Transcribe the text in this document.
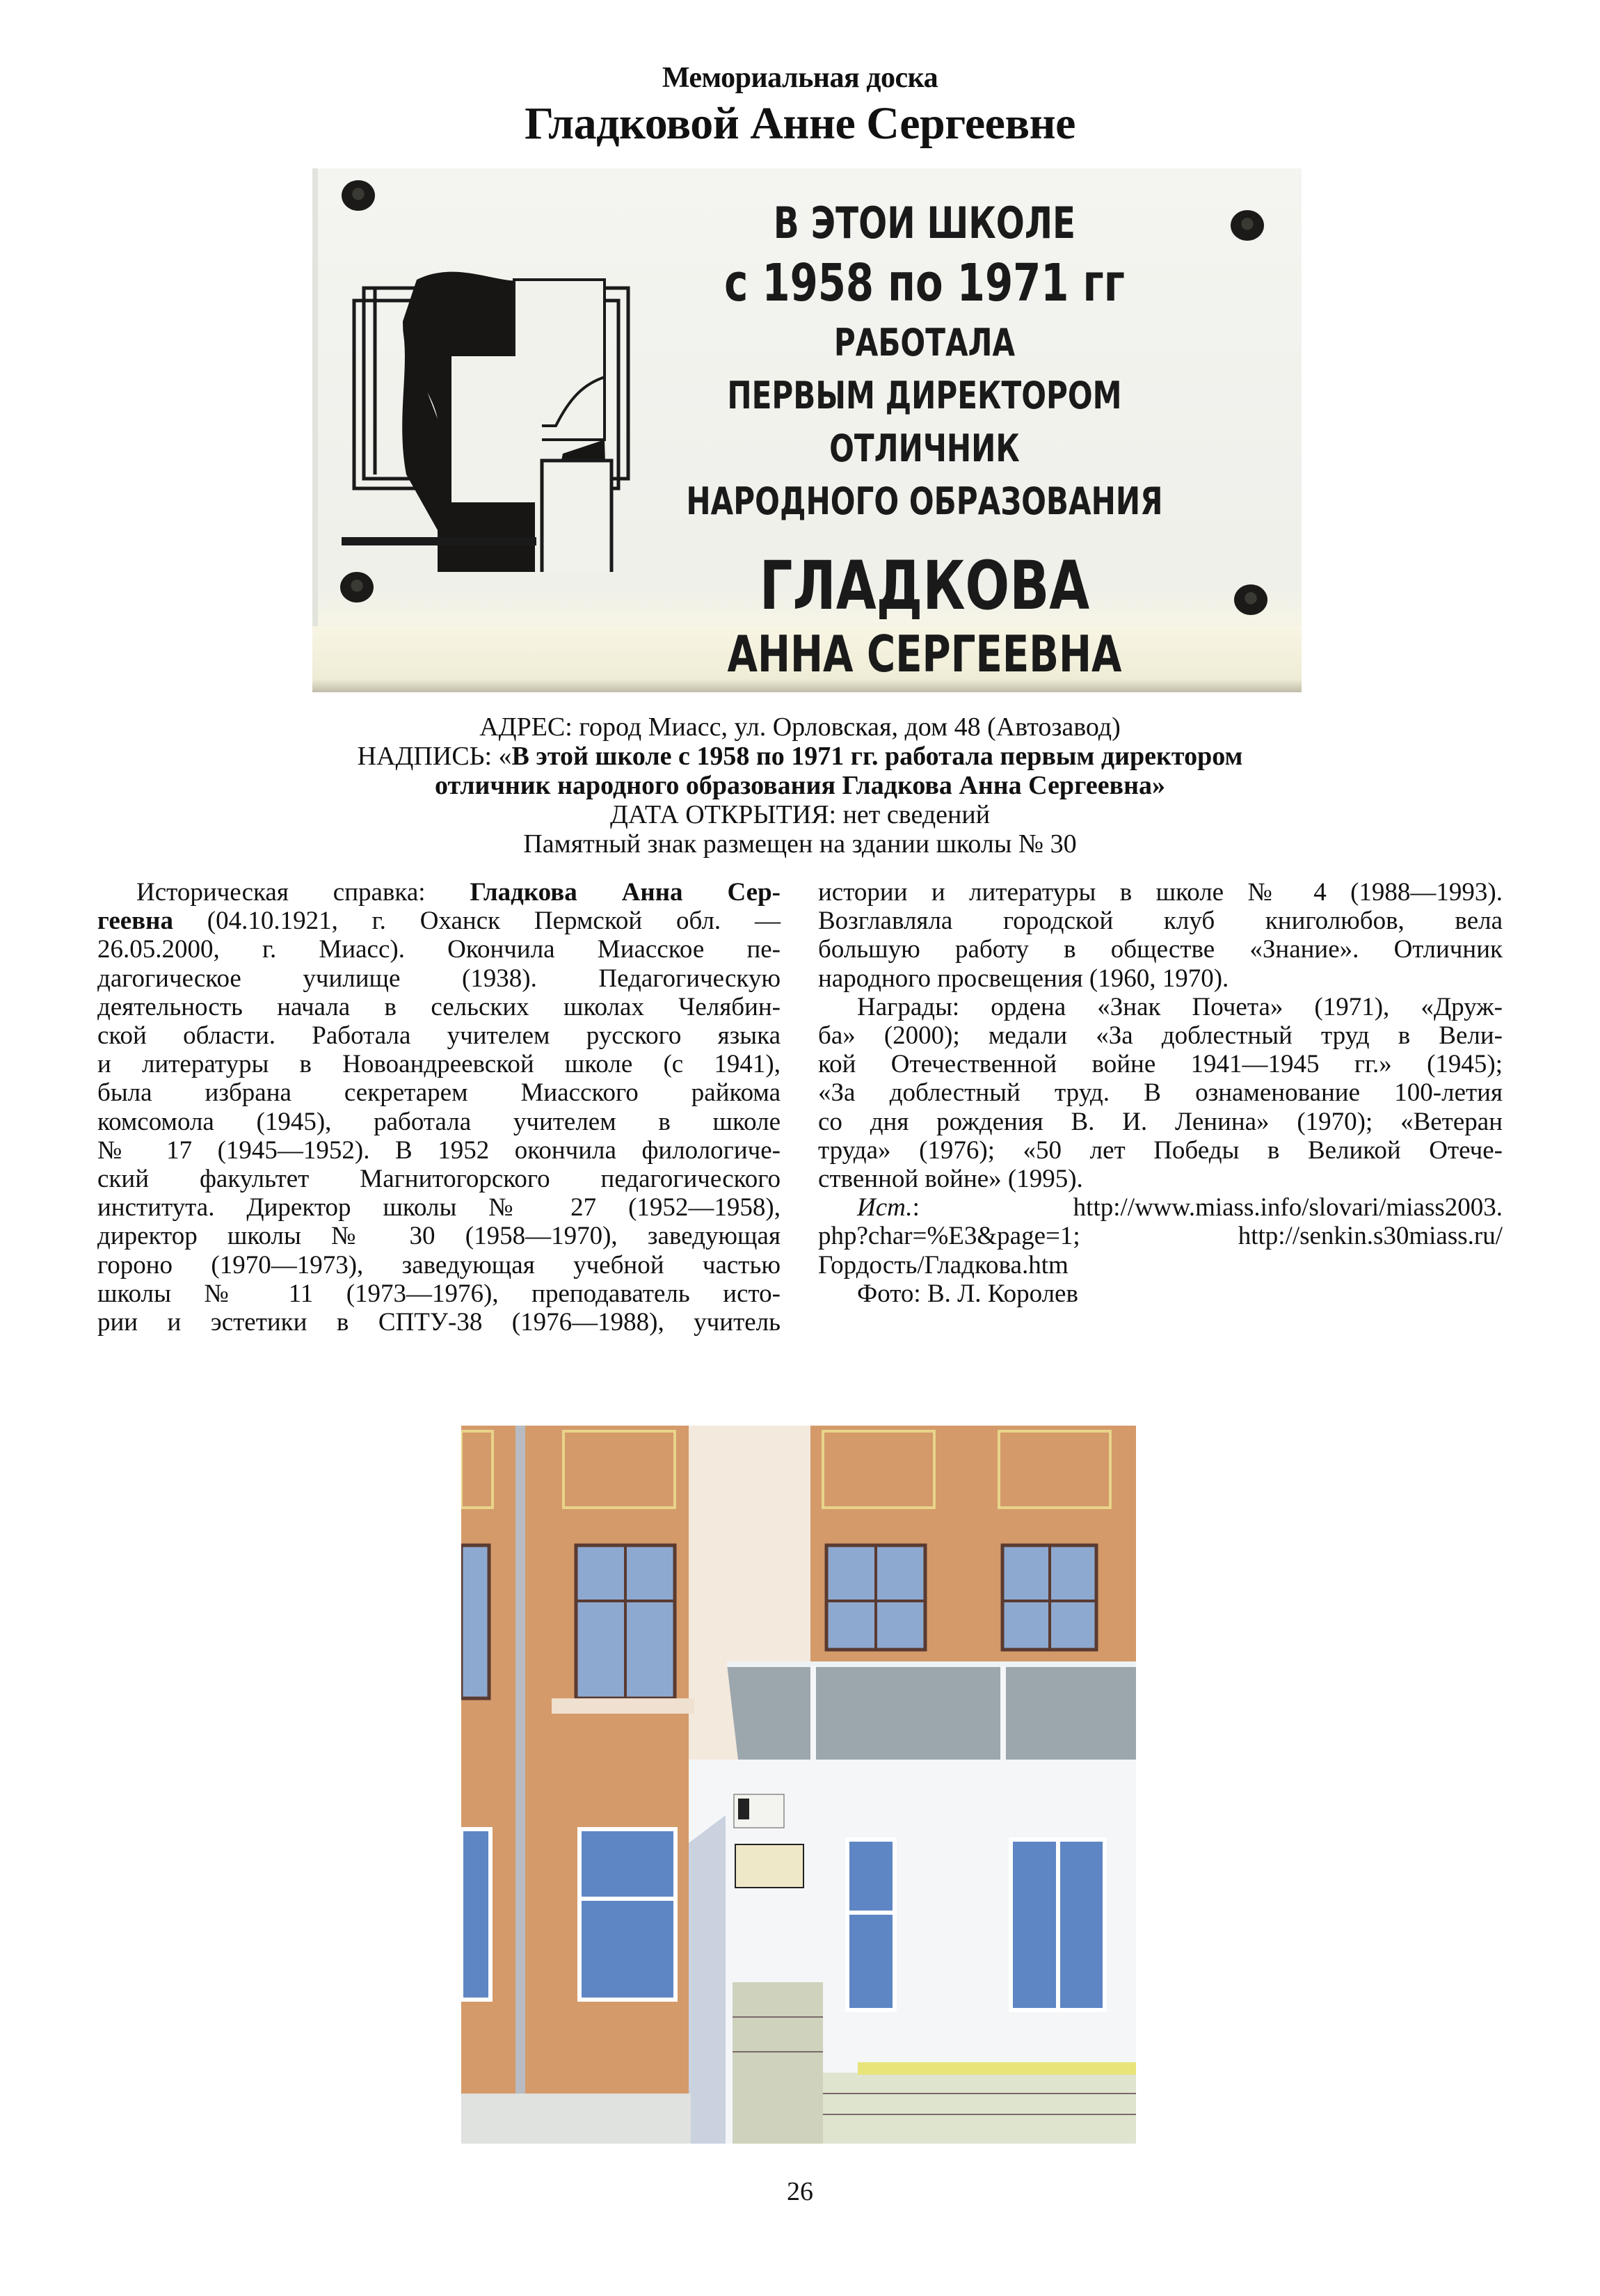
Мемориальная доска
Гладковой Анне Сергеевне
В ЭТОИ ШКОЛЕ
с 1958 по 1971 гг
РАБОТАЛА
ПЕРВЫМ ДИРЕКТОРОМ
ОТЛИЧНИК
НАРОДНОГО ОБРАЗОВАНИЯ
ГЛАДКОВА
АННА СЕРГЕЕВНА
АДРЕС: город Миасс, ул. Орловская, дом 48 (Автозавод)
НАДПИСЬ: «В этой школе с 1958 по 1971 гг. работала первым директором
отличник народного образования Гладкова Анна Сергеевна»
ДАТА ОТКРЫТИЯ: нет сведений
Памятный знак размещен на здании школы № 30
Историческая справка: Гладкова Анна Сер-
геевна (04.10.1921, г. Оханск Пермской обл. —
26.05.2000, г. Миасс). Окончила Миасское пе-
дагогическое училище (1938). Педагогическую
деятельность начала в сельских школах Челябин-
ской области. Работала учителем русского языка
и литературы в Новоандреевской школе (с 1941),
была избрана секретарем Миасского райкома
комсомола (1945), работала учителем в школе
№ 17 (1945—1952). В 1952 окончила филологиче-
ский факультет Магнитогорского педагогического
института. Директор школы № 27 (1952—1958),
директор школы № 30 (1958—1970), заведующая
гороно (1970—1973), заведующая учебной частью
школы № 11 (1973—1976), преподаватель исто-
рии и эстетики в СПТУ-38 (1976—1988), учитель
истории и литературы в школе № 4 (1988—1993).
Возглавляла городской клуб книголюбов, вела
большую работу в обществе «Знание». Отличник
народного просвещения (1960, 1970).
Награды: ордена «Знак Почета» (1971), «Друж-
ба» (2000); медали «За доблестный труд в Вели-
кой Отечественной войне 1941—1945 гг.» (1945);
«За доблестный труд. В ознаменование 100-летия
со дня рождения В. И. Ленина» (1970); «Ветеран
труда» (1976); «50 лет Победы в Великой Отече-
ственной войне» (1995).
Ист.: http://www.miass.info/slovari/miass2003.
php?char=%E3&page=1; http://senkin.s30miass.ru/
Гордость/Гладкова.htm
Фото: В. Л. Королев
26
